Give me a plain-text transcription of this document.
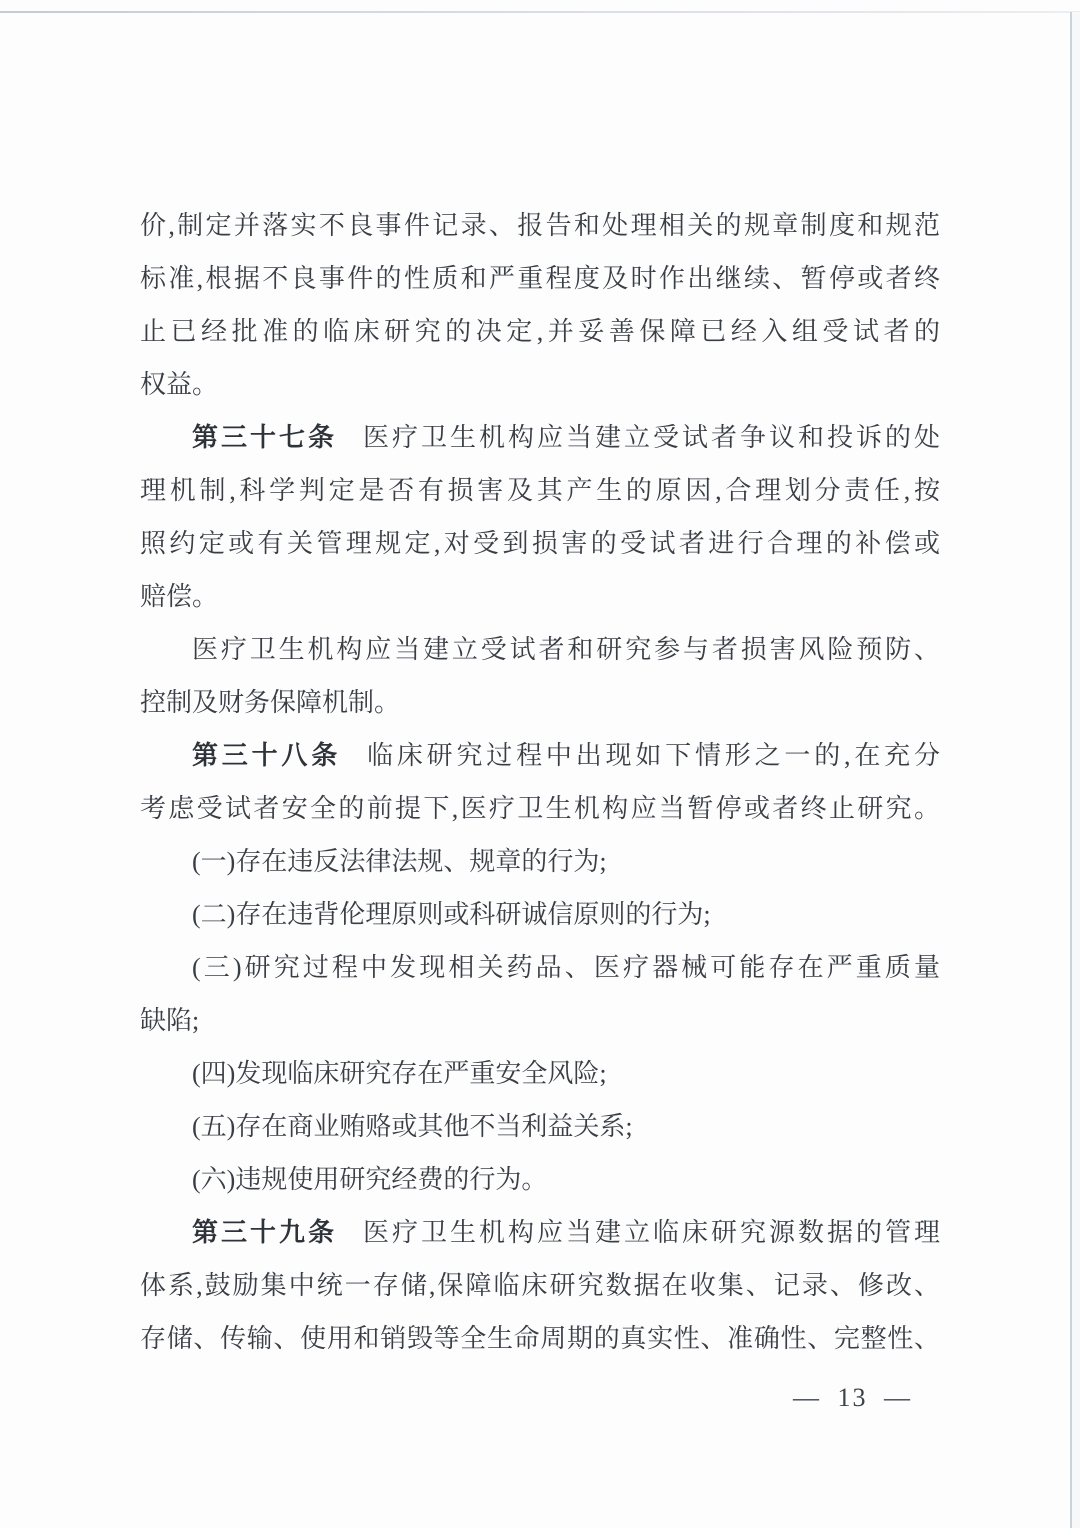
价,制定并落实不良事件记录、报告和处理相关的规章制度和规范
标准,根据不良事件的性质和严重程度及时作出继续、暂停或者终
止已经批准的临床研究的决定,并妥善保障已经入组受试者的
权益。
第三十七条 医疗卫生机构应当建立受试者争议和投诉的处
理机制,科学判定是否有损害及其产生的原因,合理划分责任,按
照约定或有关管理规定,对受到损害的受试者进行合理的补偿或
赔偿。
医疗卫生机构应当建立受试者和研究参与者损害风险预防、
控制及财务保障机制。
第三十八条 临床研究过程中出现如下情形之一的,在充分
考虑受试者安全的前提下,医疗卫生机构应当暂停或者终止研究。
(一)存在违反法律法规、规章的行为;
(二)存在违背伦理原则或科研诚信原则的行为;
(三)研究过程中发现相关药品、医疗器械可能存在严重质量
缺陷;
(四)发现临床研究存在严重安全风险;
(五)存在商业贿赂或其他不当利益关系;
(六)违规使用研究经费的行为。
第三十九条 医疗卫生机构应当建立临床研究源数据的管理
体系,鼓励集中统一存储,保障临床研究数据在收集、记录、修改、
存储、传输、使用和销毁等全生命周期的真实性、准确性、完整性、
— 13 —
